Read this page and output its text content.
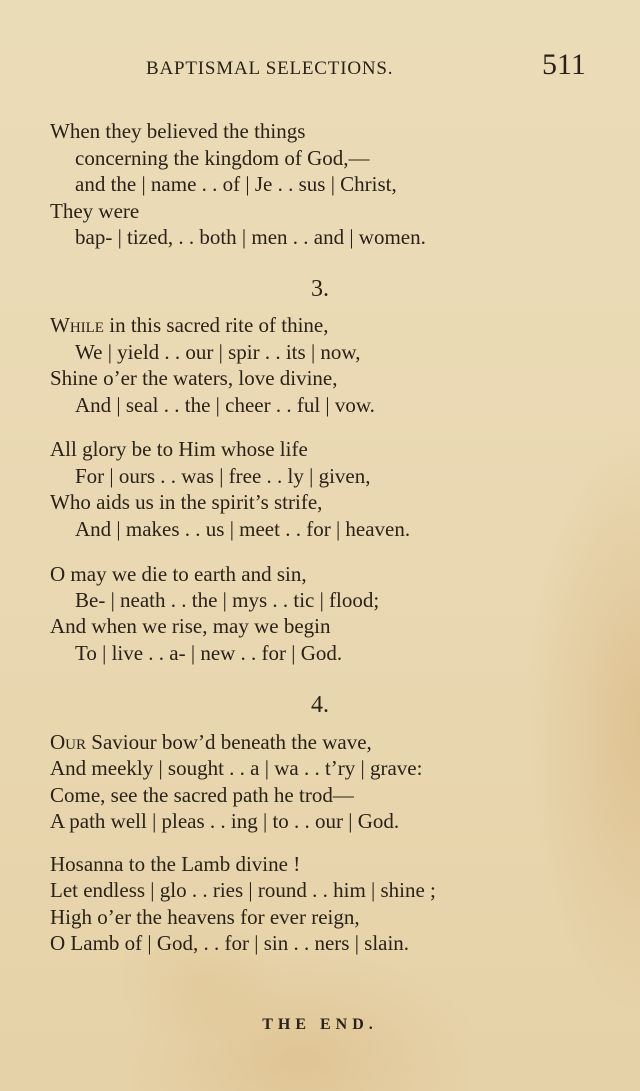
BAPTISMAL SELECTIONS.	511
When they believed the things
concerning the kingdom of God,—
and the | name . . of | Je . . sus | Christ,
They were
bap- | tized, . . both | men . . and | women.
3.
While in this sacred rite of thine,
We | yield . . our | spir . . its | now,
Shine o’er the waters, love divine,
And | seal . . the | cheer . . ful | vow.
All glory be to Him whose life
For | ours . . was | free . . ly | given,
Who aids us in the spirit’s strife,
And | makes . . us | meet . . for | heaven.
O may we die to earth and sin,
Be- | neath . . the | mys . . tic | flood;
And when we rise, may we begin
To | live . . a- | new . . for | God.
4.
Our Saviour bow’d beneath the wave,
And meekly | sought . . a | wa . . t’ry | grave:
Come, see the sacred path he trod—
A path well | pleas . . ing | to . . our | God.
Hosanna to the Lamb divine !
Let endless | glo . . ries | round . . him | shine ;
High o’er the heavens for ever reign,
O Lamb of | God, . . for | sin . . ners | slain.
THE END.
